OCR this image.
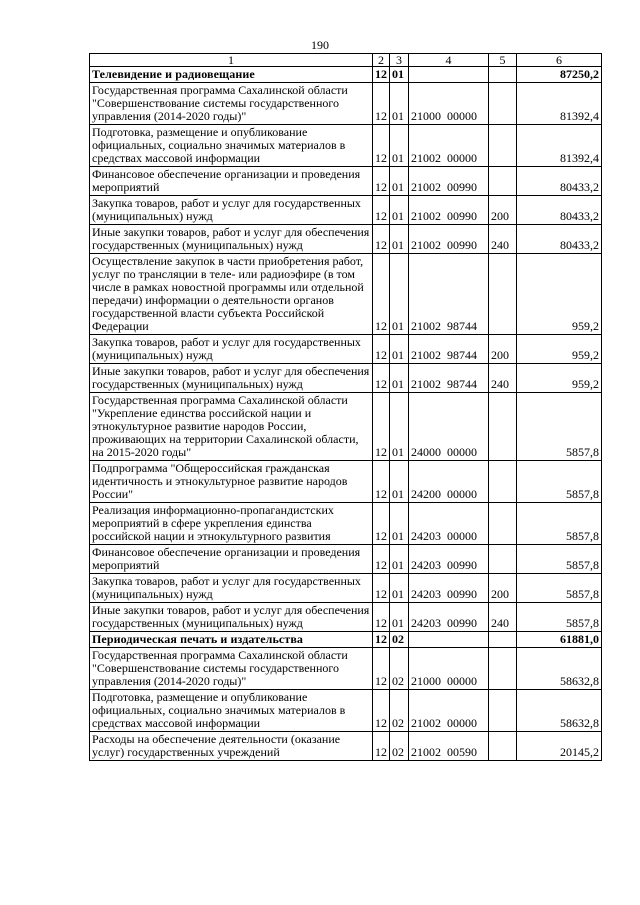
190
1	2	3	4	5	6
Телевидение и радиовещание	12	01			87250,2
Государственная программа Сахалинской области "Совершенствование системы государственного управления (2014-2020 годы)"	12	01	21000  00000		81392,4
Подготовка, размещение и опубликование официальных, социально значимых материалов в средствах массовой информации	12	01	21002  00000		81392,4
Финансовое обеспечение организации и проведения мероприятий	12	01	21002  00990		80433,2
Закупка товаров, работ и услуг для государственных (муниципальных) нужд	12	01	21002  00990	200	80433,2
Иные закупки товаров, работ и услуг для обеспечения государственных (муниципальных) нужд	12	01	21002  00990	240	80433,2
Осуществление закупок в части приобретения работ, услуг по трансляции в теле- или радиоэфире (в том числе в рамках новостной программы или отдельной передачи) информации о деятельности органов государственной власти субъекта Российской Федерации	12	01	21002  98744		959,2
Закупка товаров, работ и услуг для государственных (муниципальных) нужд	12	01	21002  98744	200	959,2
Иные закупки товаров, работ и услуг для обеспечения государственных (муниципальных) нужд	12	01	21002  98744	240	959,2
Государственная программа Сахалинской области "Укрепление единства российской нации и этнокультурное развитие народов России, проживающих на территории Сахалинской области, на 2015-2020 годы"	12	01	24000  00000		5857,8
Подпрограмма "Общероссийская гражданская идентичность и этнокультурное развитие народов России"	12	01	24200  00000		5857,8
Реализация информационно-пропагандистских мероприятий в сфере укрепления единства российской нации и этнокультурного развития	12	01	24203  00000		5857,8
Финансовое обеспечение организации и проведения мероприятий	12	01	24203  00990		5857,8
Закупка товаров, работ и услуг для государственных (муниципальных) нужд	12	01	24203  00990	200	5857,8
Иные закупки товаров, работ и услуг для обеспечения государственных (муниципальных) нужд	12	01	24203  00990	240	5857,8
Периодическая печать и издательства	12	02			61881,0
Государственная программа Сахалинской области "Совершенствование системы государственного управления (2014-2020 годы)"	12	02	21000  00000		58632,8
Подготовка, размещение и опубликование официальных, социально значимых материалов в средствах массовой информации	12	02	21002  00000		58632,8
Расходы на обеспечение деятельности (оказание услуг) государственных учреждений	12	02	21002  00590		20145,2
